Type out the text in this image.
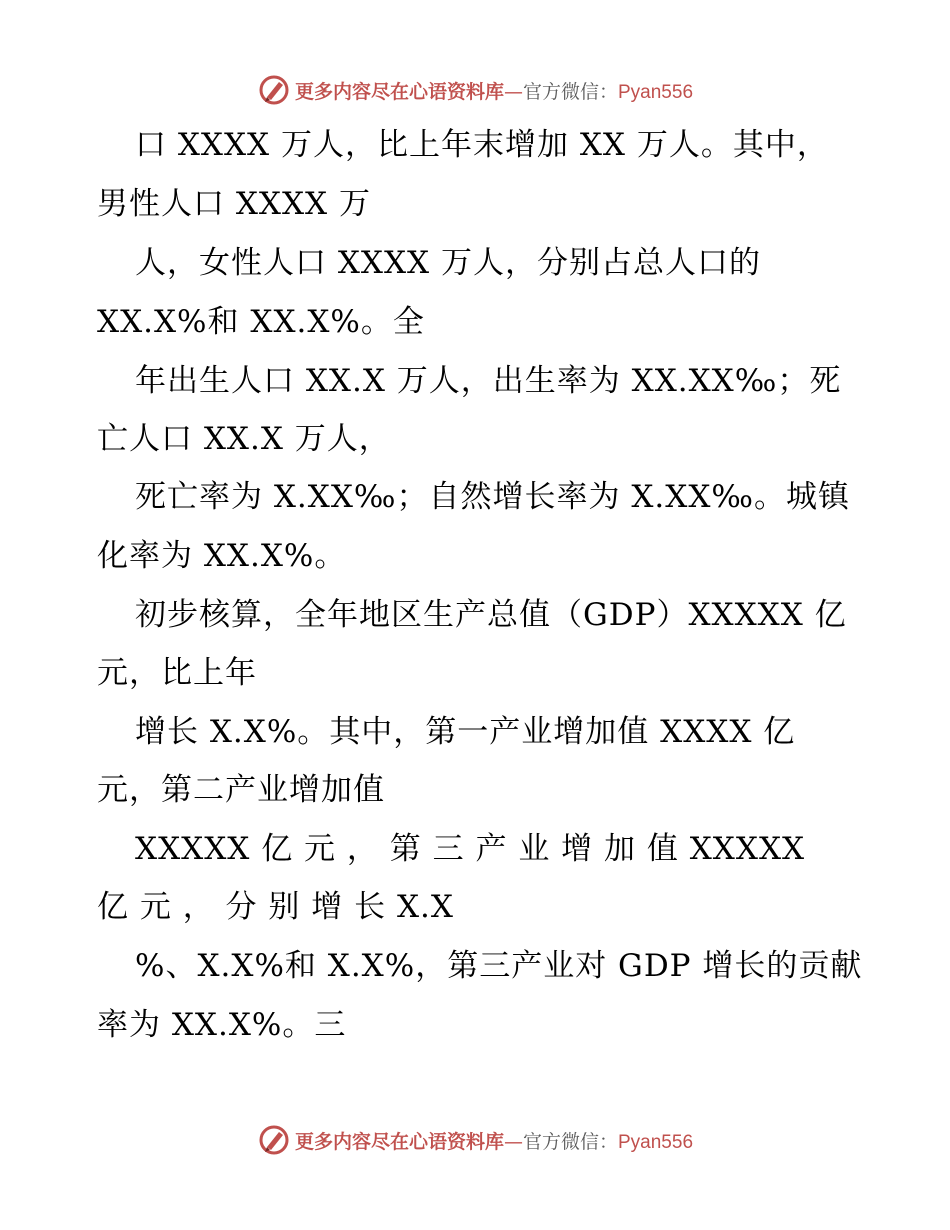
更多内容尽在心语资料库—官方微信：Pyan556
口 XXXX 万人，比上年末增加 XX 万人。其中，
男性人口 XXXX 万
人，女性人口 XXXX 万人，分别占总人口的
XX.X%和 XX.X%。全
年出生人口 XX.X 万人，出生率为 XX.XX‰；死
亡人口 XX.X 万人，
死亡率为 X.XX‰；自然增长率为 X.XX‰。城镇
化率为 XX.X%。
初步核算，全年地区生产总值（GDP）XXXXX 亿
元，比上年
增长 X.X%。其中，第一产业增加值 XXXX 亿
元，第二产业增加值
XXXXX 亿 元 ， 第 三 产 业 增 加 值 XXXXX
亿 元 ， 分 别 增 长 X.X
%、X.X%和 X.X%，第三产业对 GDP 增长的贡献
率为 XX.X%。三
更多内容尽在心语资料库—官方微信：Pyan556
